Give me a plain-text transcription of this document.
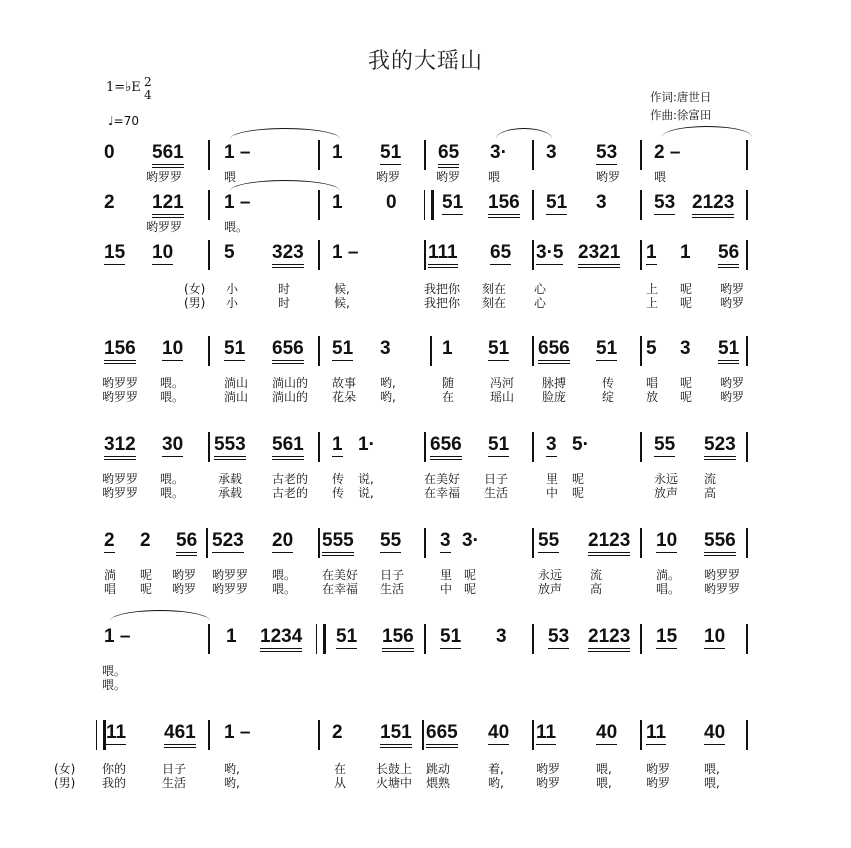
我的大瑶山
1=♭E 2
4
♩=70
作词:唐世日
作曲:徐富田
0 561 1 –	1 51 65 3· 3 53 2 –
哟罗罗	喂	哟罗	哟罗 喂	哟罗	喂
2 121 1 –	1 0 51 156 51 3 53 2123
哟罗罗	喂。
15 10	5 323 1 –	111 65 3·5 2321 1 1 56
(女) 小	时	候,	我把你 刻在 心	上 呢 哟罗
(男) 小	时	候,	我把你 刻在 心	上 呢 哟罗
156 10 51 656 51 3	1 51 656 51 5 3 51
哟罗罗 喂。	淌山 淌山的 故事 哟,	随	冯河 脉搏	传	唱 呢 哟罗
哟罗罗 喂。	淌山 淌山的 花朵 哟,	在	瑶山 脸庞	绽	放 呢 哟罗
312 30 553 561 1 1·	656 51 3 5·	55 523
哟罗罗 喂。	承载 古老的 传 说,	在美好 日子	里 呢	永远 流
哟罗罗 喂。	承载 古老的 传 说,	在幸福 生活	中 呢	放声 高
2 2 56 523 20 555 55 3 3·	55 2123 10 556
淌 呢 哟罗 哟罗罗 喂。 在美好 日子	里 呢	永远 流	淌。 哟罗罗
唱 呢 哟罗 哟罗罗 喂。 在幸福 生活	中 呢	放声 高	唱。 哟罗罗
1 –	1 1234 51 156 51 3 53 2123 15 10
喂。
喂。
11 461 1 –	2 151 665 40 11 40 11 40
(女) 你的	日子	哟,	在 长鼓上 跳动	着,	哟罗	喂,	哟罗	喂,
(男) 我的	生活	哟,	从 火塘中 煨熟	哟,	哟罗	喂,	哟罗	喂,
